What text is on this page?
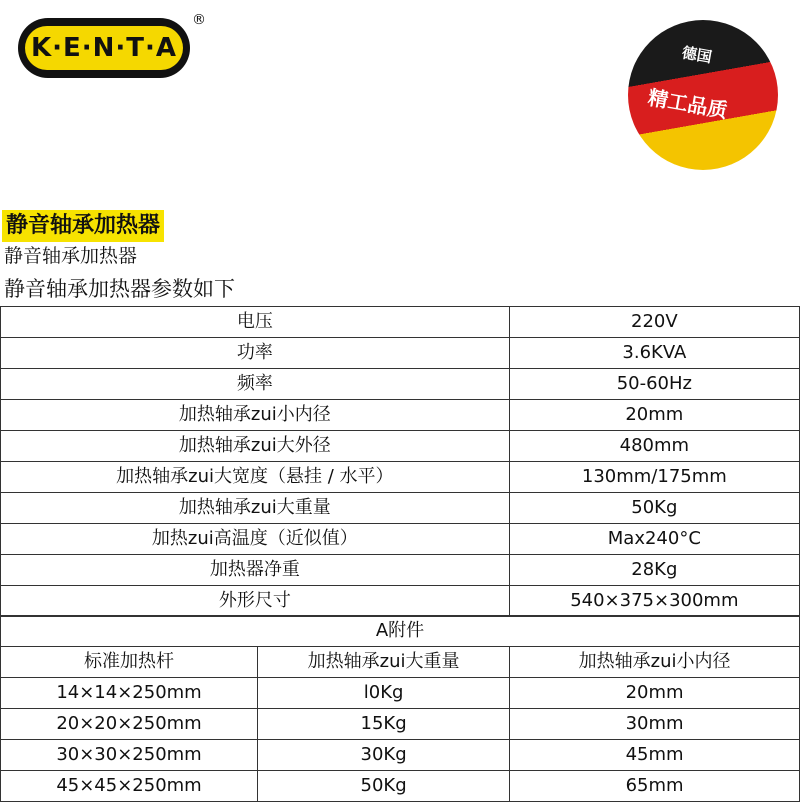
K·E·N·T·A
®
德国
精工品质
静音轴承加热器
静音轴承加热器
静音轴承加热器参数如下
电压	220V
功率	3.6KVA
频率	50-60Hz
加热轴承zui小内径	20mm
加热轴承zui大外径	480mm
加热轴承zui大宽度（悬挂 / 水平）	130mm/175mm
加热轴承zui大重量	50Kg
加热zui高温度（近似值）	Max240°C
加热器净重	28Kg
外形尺寸	540×375×300mm
A附件		
标准加热杆	加热轴承zui大重量	加热轴承zui小内径
14×14×250mm	l0Kg	20mm
20×20×250mm	15Kg	30mm
30×30×250mm	30Kg	45mm
45×45×250mm	50Kg	65mm
